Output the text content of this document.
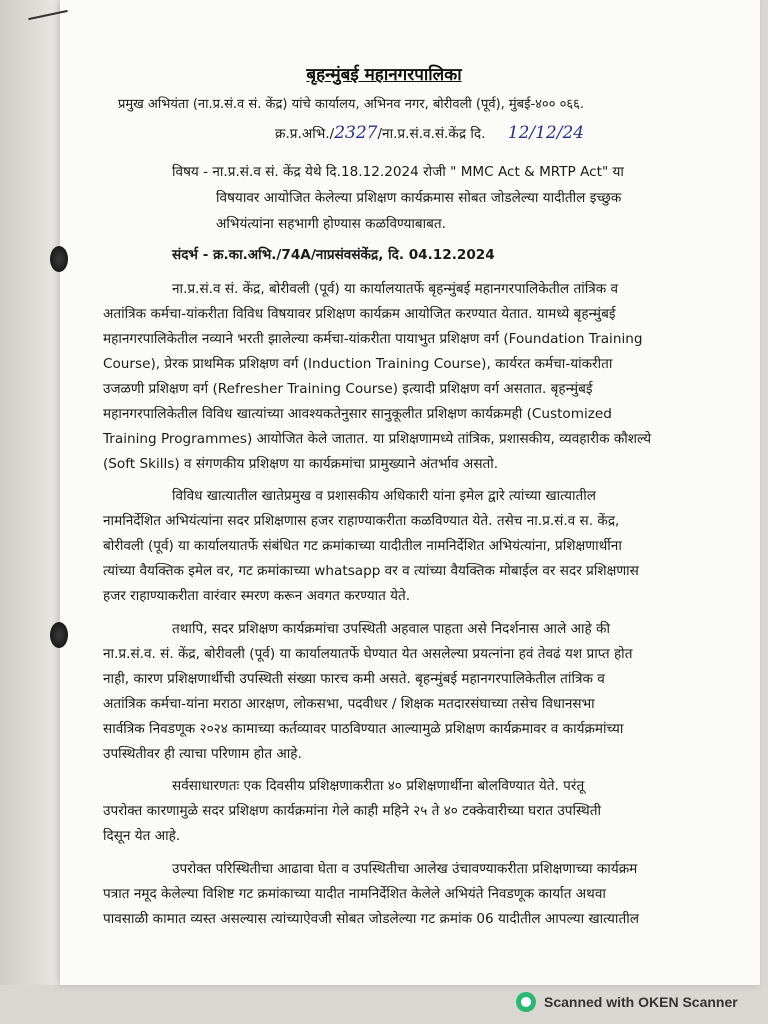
बृहन्मुंबई महानगरपालिका
प्रमुख अभियंता (ना.प्र.सं.व सं. केंद्र) यांचे कार्यालय, अभिनव नगर, बोरीवली (पूर्व), मुंबई-४०० ०६६.
क्र.प्र.अभि./2327/ना.प्र.सं.व.सं.केंद्र दि. 12/12/24
विषय - ना.प्र.सं.व सं. केंद्र येथे दि.18.12.2024 रोजी " MMC Act & MRTP Act" या
विषयावर आयोजित केलेल्या प्रशिक्षण कार्यक्रमास सोबत जोडलेल्या यादीतील इच्छुक
अभियंत्यांना सहभागी होण्यास कळविण्याबाबत.
संदर्भ - क्र.का.अभि./74A/नाप्रसंवसंकेंद्र, दि. 04.12.2024
ना.प्र.सं.व सं. केंद्र, बोरीवली (पूर्व) या कार्यालयातर्फे बृहन्मुंबई महानगरपालिकेतील तांत्रिक व
अतांत्रिक कर्मचा-यांकरीता विविध विषयावर प्रशिक्षण कार्यक्रम आयोजित करण्यात येतात. यामध्ये बृहन्मुंबई
महानगरपालिकेतील नव्याने भरती झालेल्या कर्मचा-यांकरीता पायाभुत प्रशिक्षण वर्ग (Foundation Training
Course), प्रेरक प्राथमिक प्रशिक्षण वर्ग (Induction Training Course), कार्यरत कर्मचा-यांकरीता
उजळणी प्रशिक्षण वर्ग (Refresher Training Course) इत्यादी प्रशिक्षण वर्ग असतात. बृहन्मुंबई
महानगरपालिकेतील विविध खात्यांच्या आवश्यकतेनुसार सानुकूलीत प्रशिक्षण कार्यक्रमही (Customized
Training Programmes) आयोजित केले जातात. या प्रशिक्षणामध्ये तांत्रिक, प्रशासकीय, व्यवहारीक कौशल्ये
(Soft Skills) व संगणकीय प्रशिक्षण या कार्यक्रमांचा प्रामुख्याने अंतर्भाव असतो.
विविध खात्यातील खातेप्रमुख व प्रशासकीय अधिकारी यांना इमेल द्वारे त्यांच्या खात्यातील
नामनिर्देशित अभियंत्यांना सदर प्रशिक्षणास हजर राहाण्याकरीता कळविण्यात येते. तसेच ना.प्र.सं.व स. केंद्र,
बोरीवली (पूर्व) या कार्यालयातर्फे संबंधित गट क्रमांकाच्या यादीतील नामनिर्देशित अभियंत्यांना, प्रशिक्षणार्थीना
त्यांच्या वैयक्तिक इमेल वर, गट क्रमांकाच्या whatsapp वर व त्यांच्या वैयक्तिक मोबाईल वर सदर प्रशिक्षणास
हजर राहाण्याकरीता वारंवार स्मरण करून अवगत करण्यात येते.
तथापि, सदर प्रशिक्षण कार्यक्रमांचा उपस्थिती अहवाल पाहता असे निदर्शनास आले आहे की
ना.प्र.सं.व. सं. केंद्र, बोरीवली (पूर्व) या कार्यालयातर्फे घेण्यात येत असलेल्या प्रयत्नांना हवं तेवढं यश प्राप्त होत
नाही, कारण प्रशिक्षणार्थीची उपस्थिती संख्या फारच कमी असते. बृहन्मुंबई महानगरपालिकेतील तांत्रिक व
अतांत्रिक कर्मचा-यांना मराठा आरक्षण, लोकसभा, पदवीधर / शिक्षक मतदारसंघाच्या तसेच विधानसभा
सार्वत्रिक निवडणूक २०२४ कामाच्या कर्तव्यावर पाठविण्यात आल्यामुळे प्रशिक्षण कार्यक्रमावर व कार्यक्रमांच्या
उपस्थितीवर ही त्याचा परिणाम होत आहे.
सर्वसाधारणतः एक दिवसीय प्रशिक्षणाकरीता ४० प्रशिक्षणार्थीना बोलविण्यात येते. परंतू
उपरोक्त कारणामुळे सदर प्रशिक्षण कार्यक्रमांना गेले काही महिने २५ ते ४० टक्केवारीच्या घरात उपस्थिती
दिसून येत आहे.
उपरोक्त परिस्थितीचा आढावा घेता व उपस्थितीचा आलेख उंचावण्याकरीता प्रशिक्षणाच्या कार्यक्रम
पत्रात नमूद केलेल्या विशिष्ट गट क्रमांकाच्या यादीत नामनिर्देशित केलेले अभियंते निवडणूक कार्यात अथवा
पावसाळी कामात व्यस्त असल्यास त्यांच्याऐवजी सोबत जोडलेल्या गट क्रमांक 06 यादीतील आपल्या खात्यातील
Scanned with OKEN Scanner
